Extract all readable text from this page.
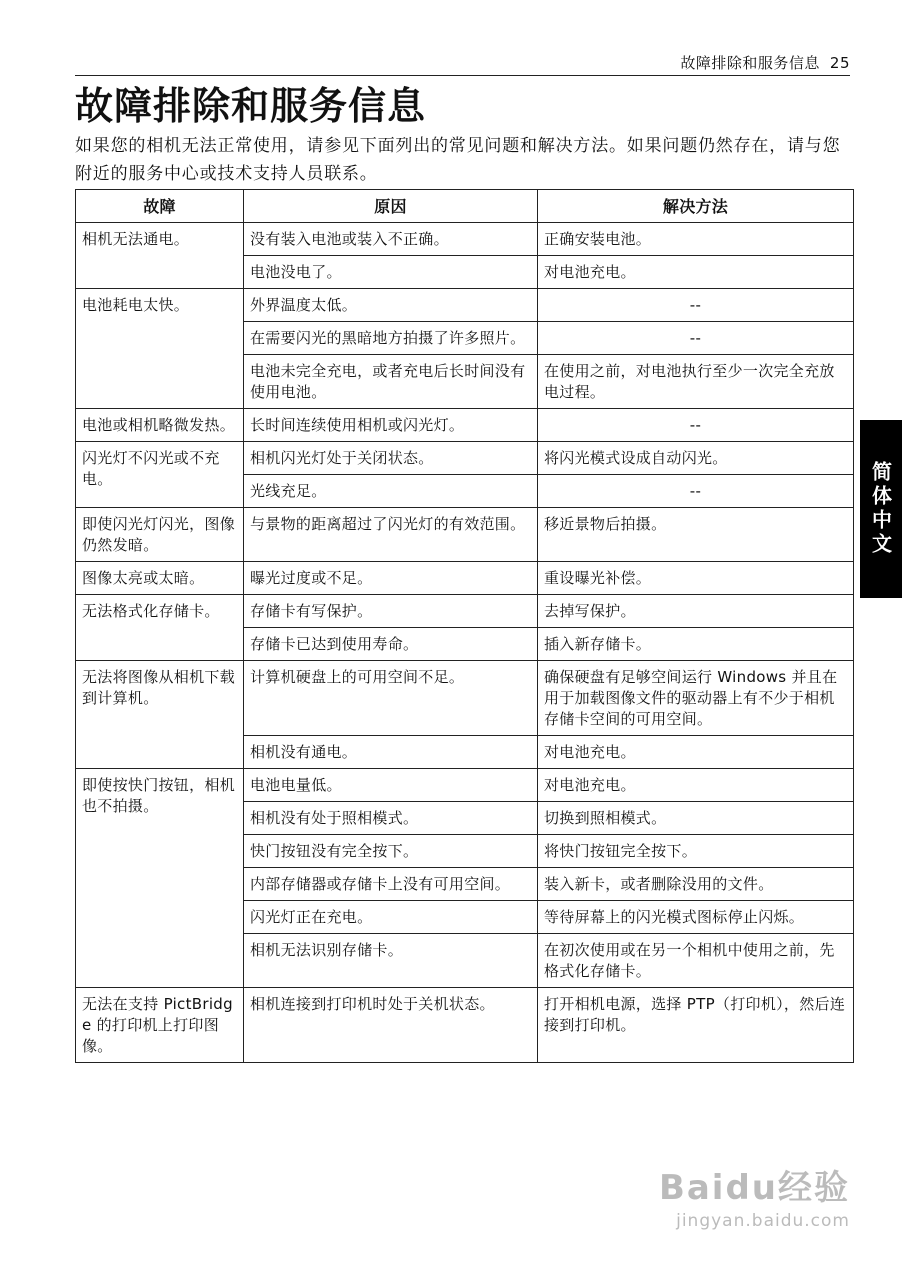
故障排除和服务信息 25
故障排除和服务信息

如果您的相机无法正常使用，请参见下面列出的常见问题和解决方法。如果问题仍然存在，请与您附近的服务中心或技术支持人员联系。

故障	原因	解决方法
相机无法通电。	没有装入电池或装入不正确。	正确安装电池。
	电池没电了。	对电池充电。
电池耗电太快。	外界温度太低。	--
	在需要闪光的黑暗地方拍摄了许多照片。	--
	电池未完全充电，或者充电后长时间没有使用电池。	在使用之前，对电池执行至少一次完全充放电过程。
电池或相机略微发热。	长时间连续使用相机或闪光灯。	--
闪光灯不闪光或不充电。	相机闪光灯处于关闭状态。	将闪光模式设成自动闪光。
	光线充足。	--
即使闪光灯闪光，图像仍然发暗。	与景物的距离超过了闪光灯的有效范围。	移近景物后拍摄。
图像太亮或太暗。	曝光过度或不足。	重设曝光补偿。
无法格式化存储卡。	存储卡有写保护。	去掉写保护。
	存储卡已达到使用寿命。	插入新存储卡。
无法将图像从相机下载到计算机。	计算机硬盘上的可用空间不足。	确保硬盘有足够空间运行 Windows 并且在用于加载图像文件的驱动器上有不少于相机存储卡空间的可用空间。
	相机没有通电。	对电池充电。
即使按快门按钮，相机也不拍摄。	电池电量低。	对电池充电。
	相机没有处于照相模式。	切换到照相模式。
	快门按钮没有完全按下。	将快门按钮完全按下。
	内部存储器或存储卡上没有可用空间。	装入新卡，或者删除没用的文件。
	闪光灯正在充电。	等待屏幕上的闪光模式图标停止闪烁。
	相机无法识别存储卡。	在初次使用或在另一个相机中使用之前，先格式化存储卡。
无法在支持 PictBridge 的打印机上打印图像。	相机连接到打印机时处于关机状态。	打开相机电源，选择 PTP（打印机），然后连接到打印机。
简体中文
Baidu经验
jingyan.baidu.com
